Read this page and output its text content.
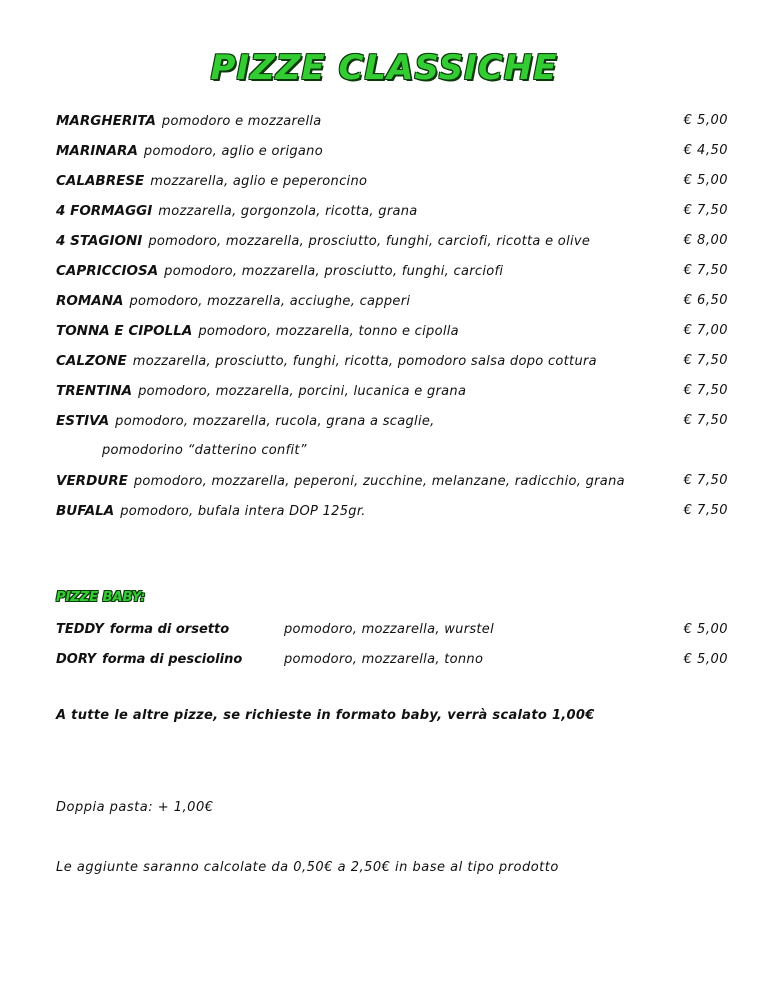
PIZZE CLASSICHE
MARGHERITA pomodoro e mozzarella	€ 5,00
MARINARA pomodoro, aglio e origano	€ 4,50
CALABRESE mozzarella, aglio e peperoncino	€ 5,00
4 FORMAGGI mozzarella, gorgonzola, ricotta, grana	€ 7,50
4 STAGIONI pomodoro, mozzarella, prosciutto, funghi, carciofi, ricotta e olive	€ 8,00
CAPRICCIOSA pomodoro, mozzarella, prosciutto, funghi, carciofi	€ 7,50
ROMANA pomodoro, mozzarella, acciughe, capperi	€ 6,50
TONNA E CIPOLLA pomodoro, mozzarella, tonno e cipolla	€ 7,00
CALZONE mozzarella, prosciutto, funghi, ricotta, pomodoro salsa dopo cottura	€ 7,50
TRENTINA pomodoro, mozzarella, porcini, lucanica e grana	€ 7,50
ESTIVA pomodoro, mozzarella, rucola, grana a scaglie,	€ 7,50
pomodorino “datterino confit”
VERDURE pomodoro, mozzarella, peperoni, zucchine, melanzane, radicchio, grana	€ 7,50
BUFALA pomodoro, bufala intera DOP 125gr.	€ 7,50
PIZZE BABY:
TEDDY forma di orsetto	pomodoro, mozzarella, wurstel	€ 5,00
DORY forma di pesciolino	pomodoro, mozzarella, tonno	€ 5,00
A tutte le altre pizze, se richieste in formato baby, verrà scalato 1,00€
Doppia pasta: + 1,00€
Le aggiunte saranno calcolate da 0,50€ a 2,50€ in base al tipo prodotto
